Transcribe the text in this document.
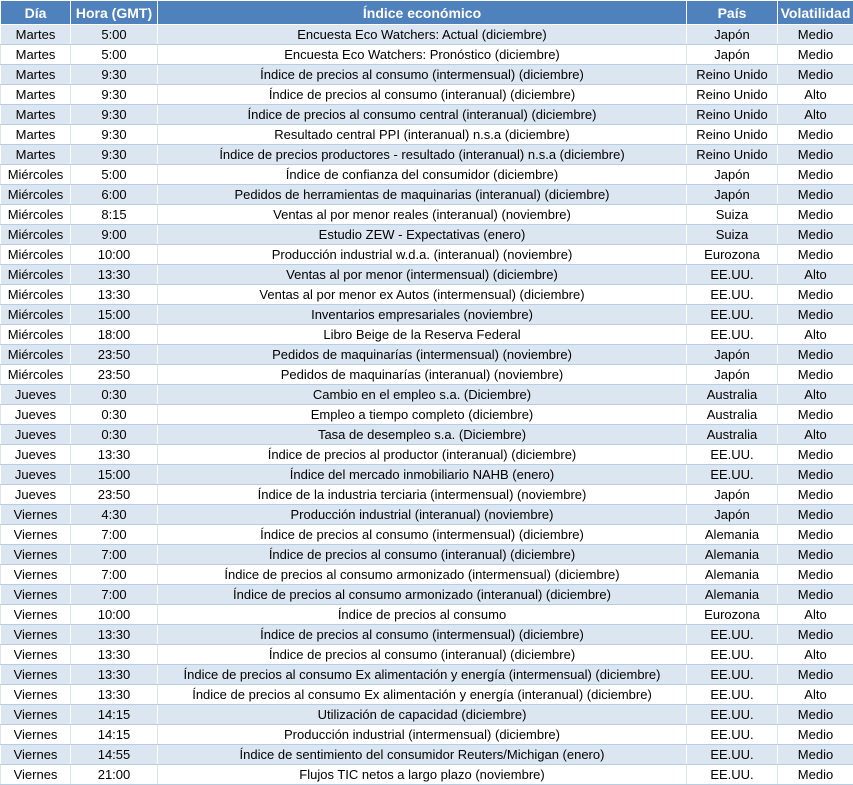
Día	Hora (GMT)	Índice económico	País	Volatilidad
Martes	5:00	Encuesta Eco Watchers: Actual (diciembre)	Japón	Medio
Martes	5:00	Encuesta Eco Watchers: Pronóstico (diciembre)	Japón	Medio
Martes	9:30	Índice de precios al consumo (intermensual) (diciembre)	Reino Unido	Medio
Martes	9:30	Índice de precios al consumo (interanual) (diciembre)	Reino Unido	Alto
Martes	9:30	Índice de precios al consumo central (interanual) (diciembre)	Reino Unido	Alto
Martes	9:30	Resultado central PPI (interanual) n.s.a (diciembre)	Reino Unido	Medio
Martes	9:30	Índice de precios productores - resultado (interanual) n.s.a (diciembre)	Reino Unido	Medio
Miércoles	5:00	Índice de confianza del consumidor (diciembre)	Japón	Medio
Miércoles	6:00	Pedidos de herramientas de maquinarias (interanual) (diciembre)	Japón	Medio
Miércoles	8:15	Ventas al por menor reales (interanual) (noviembre)	Suiza	Medio
Miércoles	9:00	Estudio ZEW - Expectativas (enero)	Suiza	Medio
Miércoles	10:00	Producción industrial w.d.a. (interanual) (noviembre)	Eurozona	Medio
Miércoles	13:30	Ventas al por menor (intermensual) (diciembre)	EE.UU.	Alto
Miércoles	13:30	Ventas al por menor ex Autos (intermensual) (diciembre)	EE.UU.	Medio
Miércoles	15:00	Inventarios empresariales (noviembre)	EE.UU.	Medio
Miércoles	18:00	Libro Beige de la Reserva Federal	EE.UU.	Alto
Miércoles	23:50	Pedidos de maquinarías (intermensual) (noviembre)	Japón	Medio
Miércoles	23:50	Pedidos de maquinarías (interanual) (noviembre)	Japón	Medio
Jueves	0:30	Cambio en el empleo s.a. (Diciembre)	Australia	Alto
Jueves	0:30	Empleo a tiempo completo (diciembre)	Australia	Medio
Jueves	0:30	Tasa de desempleo s.a. (Diciembre)	Australia	Alto
Jueves	13:30	Índice de precios al productor (interanual) (diciembre)	EE.UU.	Medio
Jueves	15:00	Índice del mercado inmobiliario NAHB (enero)	EE.UU.	Medio
Jueves	23:50	Índice de la industria terciaria (intermensual) (noviembre)	Japón	Medio
Viernes	4:30	Producción industrial (interanual) (noviembre)	Japón	Medio
Viernes	7:00	Índice de precios al consumo (intermensual) (diciembre)	Alemania	Medio
Viernes	7:00	Índice de precios al consumo (interanual) (diciembre)	Alemania	Medio
Viernes	7:00	Índice de precios al consumo armonizado (intermensual) (diciembre)	Alemania	Medio
Viernes	7:00	Índice de precios al consumo armonizado (interanual) (diciembre)	Alemania	Medio
Viernes	10:00	Índice de precios al consumo	Eurozona	Alto
Viernes	13:30	Índice de precios al consumo (intermensual) (diciembre)	EE.UU.	Medio
Viernes	13:30	Índice de precios al consumo (interanual) (diciembre)	EE.UU.	Alto
Viernes	13:30	Índice de precios al consumo Ex alimentación y energía (intermensual) (diciembre)	EE.UU.	Medio
Viernes	13:30	Índice de precios al consumo Ex alimentación y energía (interanual) (diciembre)	EE.UU.	Alto
Viernes	14:15	Utilización de capacidad (diciembre)	EE.UU.	Medio
Viernes	14:15	Producción industrial (intermensual) (diciembre)	EE.UU.	Medio
Viernes	14:55	Índice de sentimiento del consumidor Reuters/Michigan (enero)	EE.UU.	Medio
Viernes	21:00	Flujos TIC netos a largo plazo (noviembre)	EE.UU.	Medio
